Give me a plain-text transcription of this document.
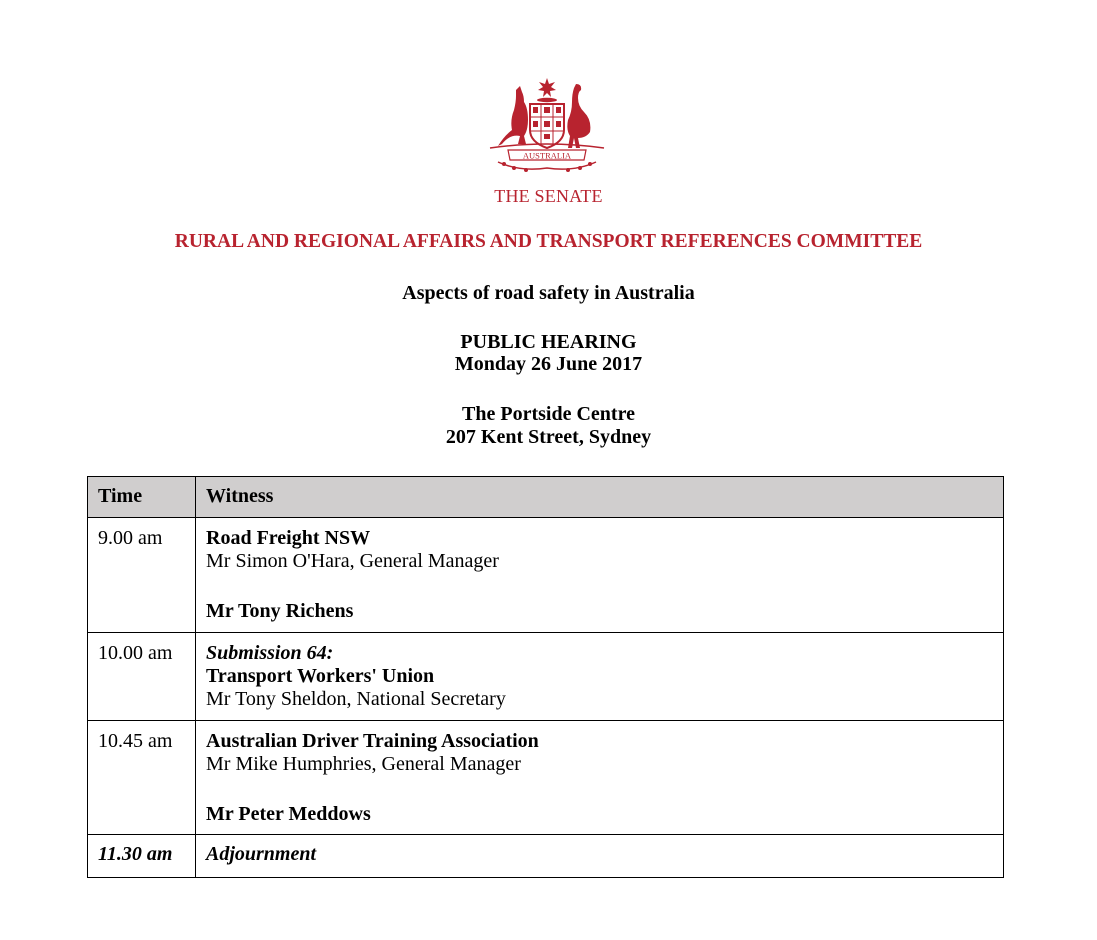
AUSTRALIA
THE SENATE
RURAL AND REGIONAL AFFAIRS AND TRANSPORT REFERENCES COMMITTEE
Aspects of road safety in Australia
PUBLIC HEARING
Monday 26 June 2017
The Portside Centre
207 Kent Street, Sydney
Time	Witness
9.00 am	Road Freight NSW
Mr Simon O'Hara, General Manager
Mr Tony Richens

10.00 am	Submission 64:
Transport Workers' Union
Mr Tony Sheldon, National Secretary

10.45 am	Australian Driver Training Association
Mr Mike Humphries, General Manager
Mr Peter Meddows

11.30 am	Adjournment
